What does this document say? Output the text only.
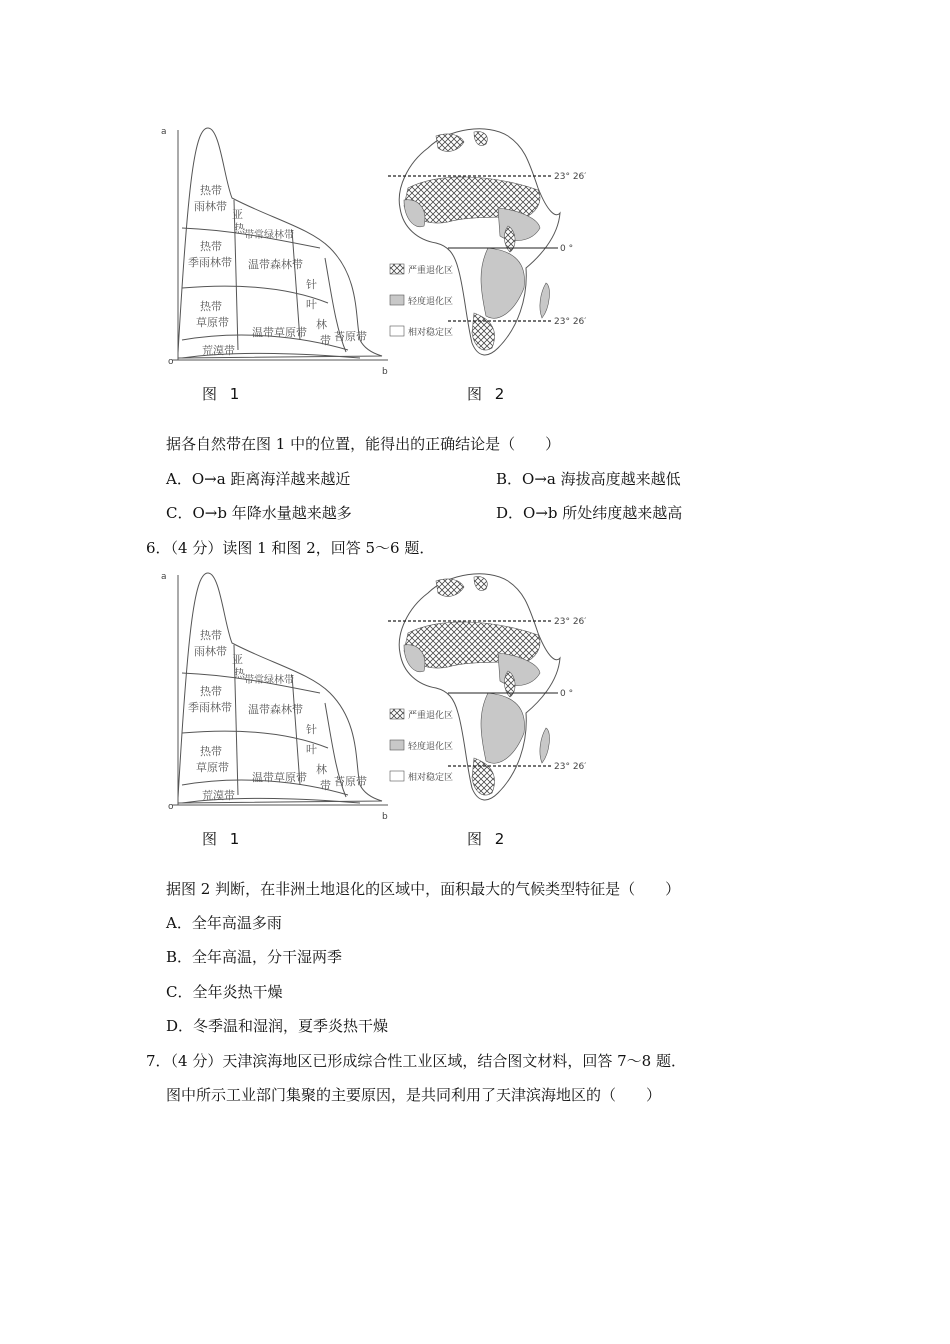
a
b
o
热带
雨林带
亚
热
带常绿林带
热带
季雨林带 温带森林带
针
叶
林
带
热带
草原带
温带草原带 苔原带
荒漠带
23° 26′
0 °
23° 26′
严重退化区
轻度退化区
相对稳定区
图 1	图 2
据各自然带在图 1 中的位置，能得出的正确结论是（　　）
A．O→a 距离海洋越来越近	B．O→a 海拔高度越来越低
C．O→b 年降水量越来越多	D．O→b 所处纬度越来越高
6．（4 分）读图 1 和图 2，回答 5～6 题．
a
b
o
热带
雨林带
亚
热
带常绿林带
热带
季雨林带 温带森林带
针
叶
林
带
热带
草原带
温带草原带 苔原带
荒漠带
23° 26′
0 °
23° 26′
严重退化区
轻度退化区
相对稳定区
图 1	图 2
据图 2 判断，在非洲土地退化的区域中，面积最大的气候类型特征是（　　）
A．全年高温多雨
B．全年高温，分干湿两季
C．全年炎热干燥
D．冬季温和湿润，夏季炎热干燥
7．（4 分）天津滨海地区已形成综合性工业区域，结合图文材料，回答 7～8 题．
图中所示工业部门集聚的主要原因，是共同利用了天津滨海地区的（　　）
